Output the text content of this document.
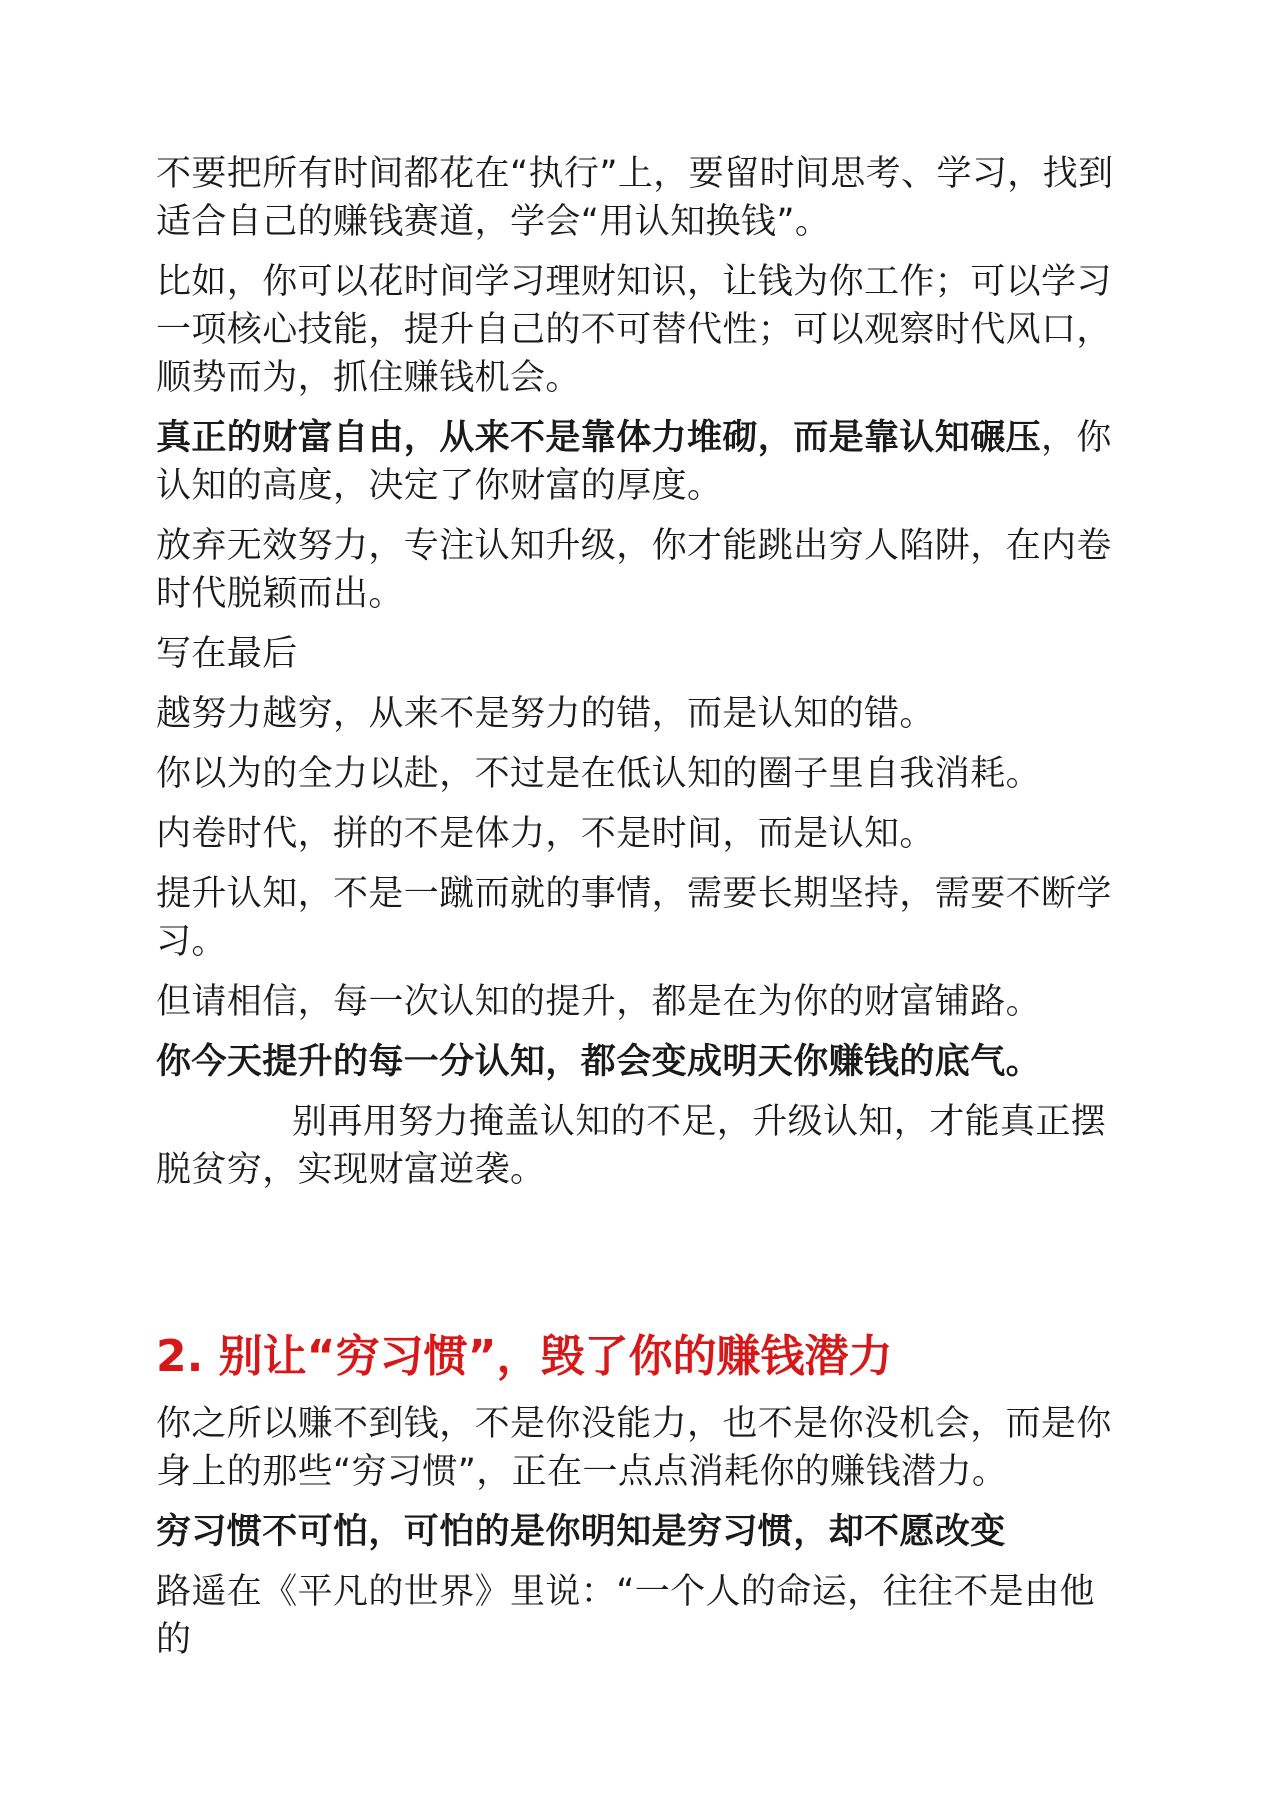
不要把所有时间都花在“执行”上，要留时间思考、学习，找到适合自己的赚钱赛道，学会“用认知换钱”。

比如，你可以花时间学习理财知识，让钱为你工作；可以学习一项核心技能，提升自己的不可替代性；可以观察时代风口，顺势而为，抓住赚钱机会。

真正的财富自由，从来不是靠体力堆砌，而是靠认知碾压，你认知的高度，决定了你财富的厚度。

放弃无效努力，专注认知升级，你才能跳出穷人陷阱，在内卷时代脱颖而出。

写在最后

越努力越穷，从来不是努力的错，而是认知的错。

你以为的全力以赴，不过是在低认知的圈子里自我消耗。

内卷时代，拼的不是体力，不是时间，而是认知。

提升认知，不是一蹴而就的事情，需要长期坚持，需要不断学习。

但请相信，每一次认知的提升，都是在为你的财富铺路。

你今天提升的每一分认知，都会变成明天你赚钱的底气。

别再用努力掩盖认知的不足，升级认知，才能真正摆脱贫穷，实现财富逆袭。

2. 别让“穷习惯”，毁了你的赚钱潜力

你之所以赚不到钱，不是你没能力，也不是你没机会，而是你身上的那些“穷习惯”，正在一点点消耗你的赚钱潜力。

穷习惯不可怕，可怕的是你明知是穷习惯，却不愿改变

路遥在《平凡的世界》里说：“一个人的命运，往往不是由他的
